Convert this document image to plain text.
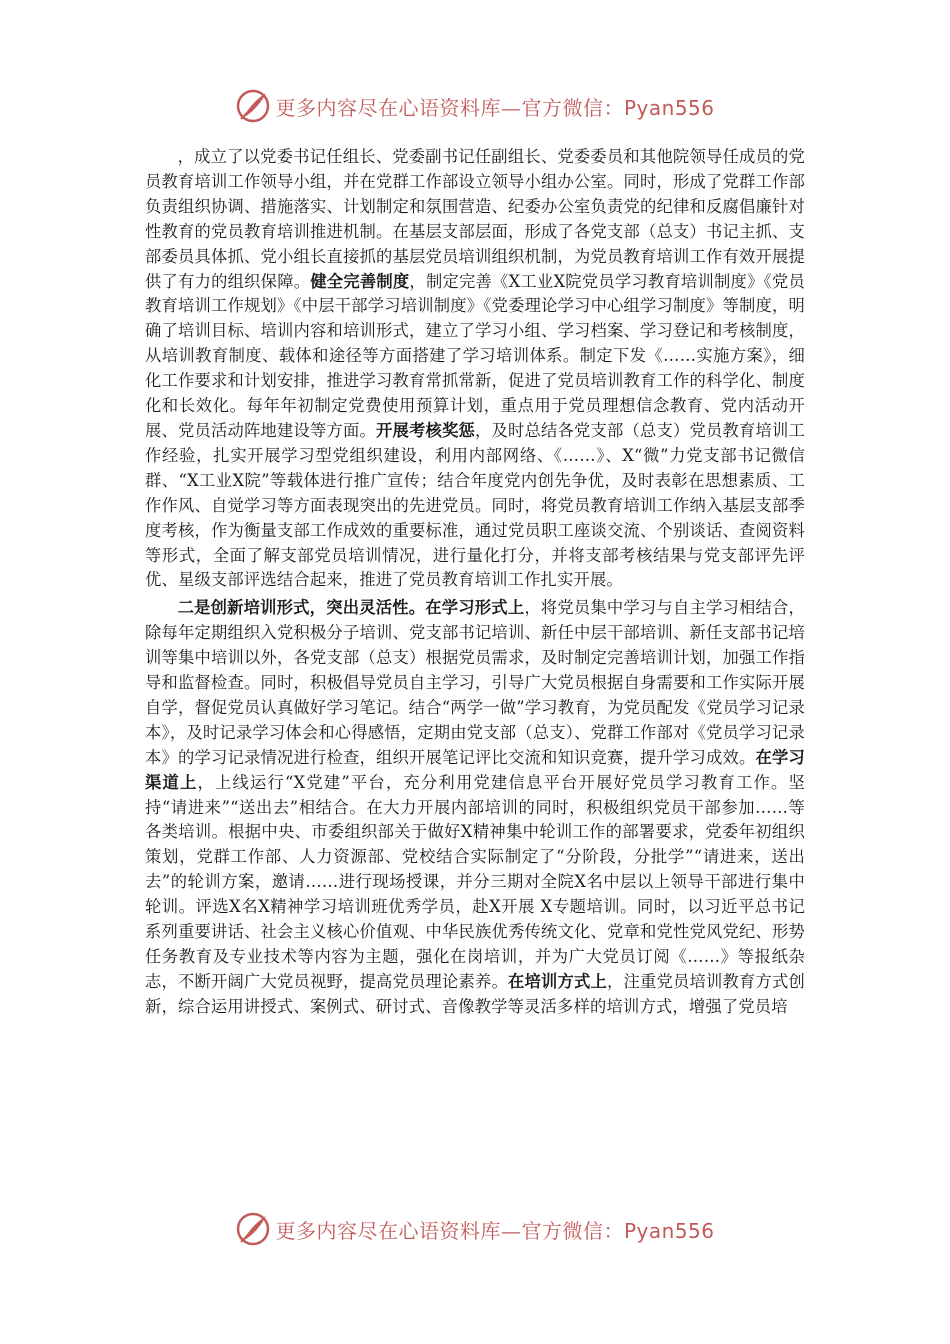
更多内容尽在心语资料库—官方微信：Pyan556

，成立了以党委书记任组长、党委副书记任副组长、党委委员和其他院领导任成员的党员教育培训工作领导小组，并在党群工作部设立领导小组办公室。同时，形成了党群工作部负责组织协调、措施落实、计划制定和氛围营造、纪委办公室负责党的纪律和反腐倡廉针对性教育的党员教育培训推进机制。在基层支部层面，形成了各党支部（总支）书记主抓、支部委员具体抓、党小组长直接抓的基层党员培训组织机制，为党员教育培训工作有效开展提供了有力的组织保障。健全完善制度，制定完善《X工业X院党员学习教育培训制度》《党员教育培训工作规划》《中层干部学习培训制度》《党委理论学习中心组学习制度》等制度，明确了培训目标、培训内容和培训形式，建立了学习小组、学习档案、学习登记和考核制度，从培训教育制度、载体和途径等方面搭建了学习培训体系。制定下发《……实施方案》，细化工作要求和计划安排，推进学习教育常抓常新，促进了党员培训教育工作的科学化、制度化和长效化。每年年初制定党费使用预算计划，重点用于党员理想信念教育、党内活动开展、党员活动阵地建设等方面。开展考核奖惩，及时总结各党支部（总支）党员教育培训工作经验，扎实开展学习型党组织建设，利用内部网络、《……》、X“微”力党支部书记微信群、“X工业X院”等载体进行推广宣传；结合年度党内创先争优，及时表彰在思想素质、工作作风、自觉学习等方面表现突出的先进党员。同时，将党员教育培训工作纳入基层支部季度考核，作为衡量支部工作成效的重要标准，通过党员职工座谈交流、个别谈话、查阅资料等形式，全面了解支部党员培训情况，进行量化打分，并将支部考核结果与党支部评先评优、星级支部评选结合起来，推进了党员教育培训工作扎实开展。

二是创新培训形式，突出灵活性。在学习形式上，将党员集中学习与自主学习相结合，除每年定期组织入党积极分子培训、党支部书记培训、新任中层干部培训、新任支部书记培训等集中培训以外，各党支部（总支）根据党员需求，及时制定完善培训计划，加强工作指导和监督检查。同时，积极倡导党员自主学习，引导广大党员根据自身需要和工作实际开展自学，督促党员认真做好学习笔记。结合“两学一做”学习教育，为党员配发《党员学习记录本》，及时记录学习体会和心得感悟，定期由党支部（总支）、党群工作部对《党员学习记录本》的学习记录情况进行检查，组织开展笔记评比交流和知识竞赛，提升学习成效。在学习渠道上，上线运行“X党建”平台，充分利用党建信息平台开展好党员学习教育工作。坚持“请进来”“送出去”相结合。在大力开展内部培训的同时，积极组织党员干部参加……等各类培训。根据中央、市委组织部关于做好X精神集中轮训工作的部署要求，党委年初组织策划，党群工作部、人力资源部、党校结合实际制定了“分阶段，分批学”“请进来，送出去”的轮训方案，邀请……进行现场授课，并分三期对全院X名中层以上领导干部进行集中轮训。评选X名X精神学习培训班优秀学员，赴X开展 X专题培训。同时，以习近平总书记系列重要讲话、社会主义核心价值观、中华民族优秀传统文化、党章和党性党风党纪、形势任务教育及专业技术等内容为主题，强化在岗培训，并为广大党员订阅《……》等报纸杂志，不断开阔广大党员视野，提高党员理论素养。在培训方式上，注重党员培训教育方式创新，综合运用讲授式、案例式、研讨式、音像教学等灵活多样的培训方式，增强了党员培

更多内容尽在心语资料库—官方微信：Pyan556
